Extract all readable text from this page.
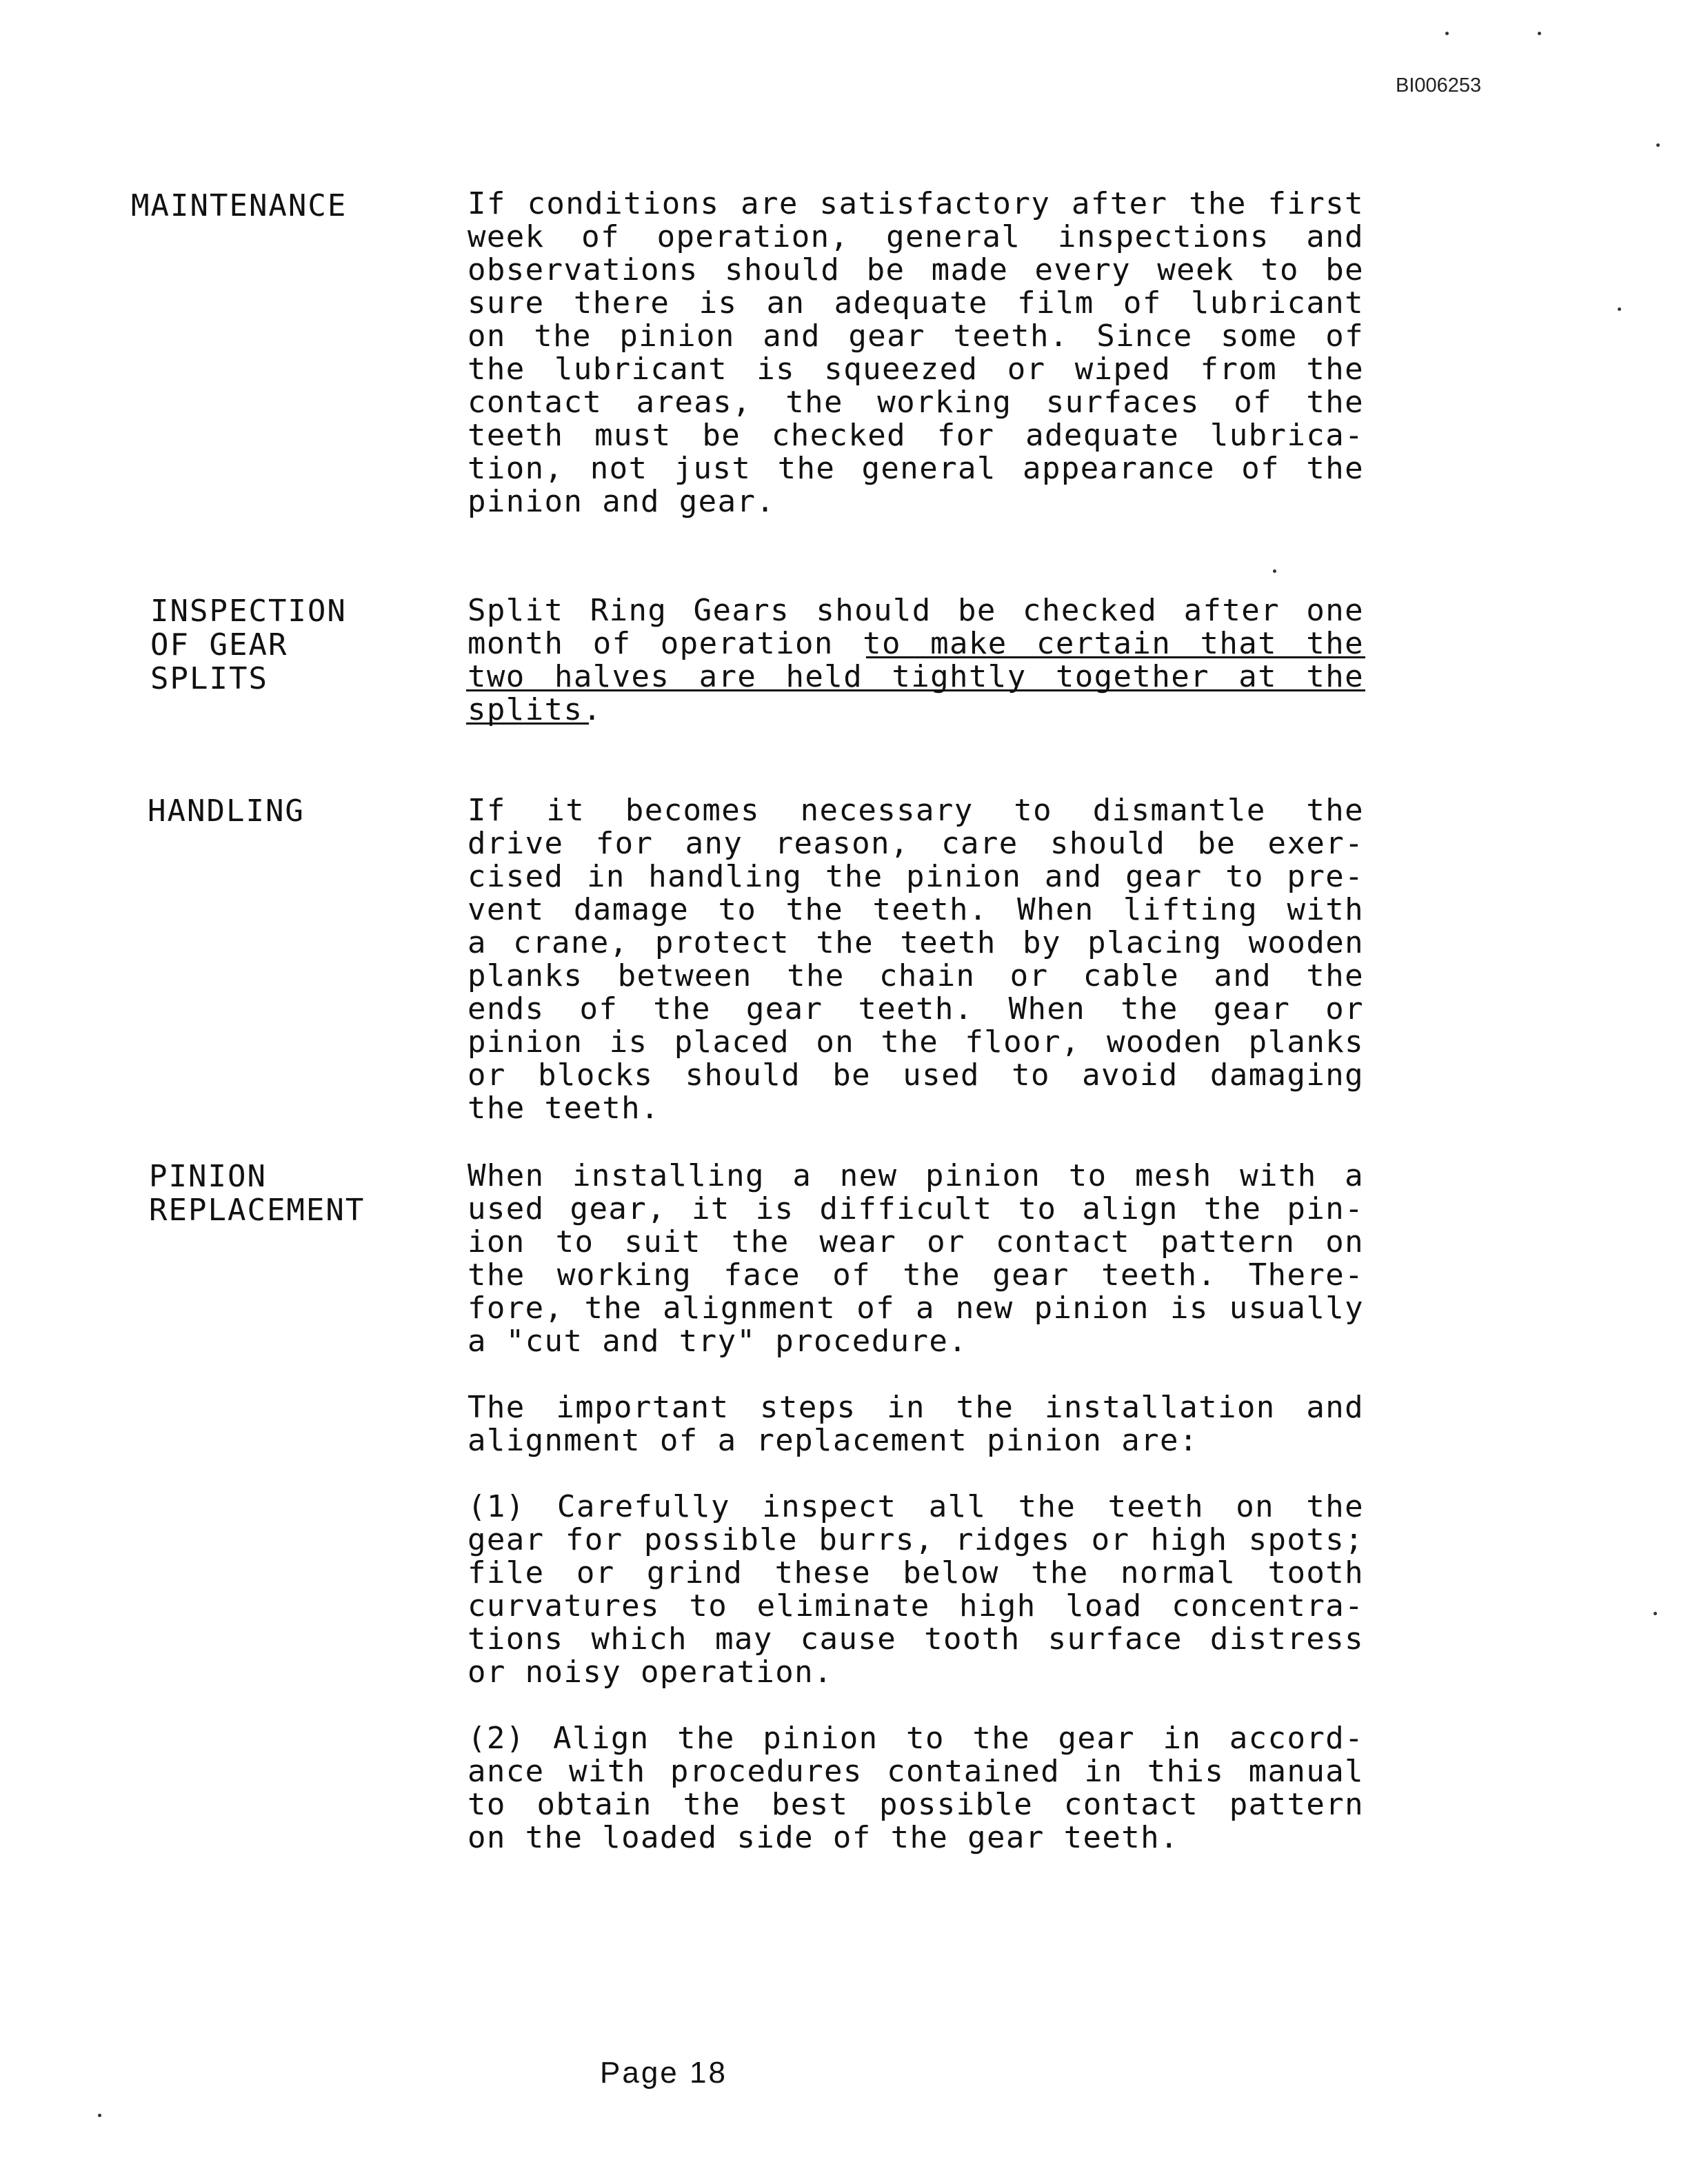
BI006253
MAINTENANCE	If conditions are satisfactory after the first
week of operation, general inspections and
observations should be made every week to be
sure there is an adequate film of lubricant
on the pinion and gear teeth. Since some of
the lubricant is squeezed or wiped from the
contact areas, the working surfaces of the
teeth must be checked for adequate lubrica-
tion, not just the general appearance of the
pinion and gear.
INSPECTION
OF GEAR
SPLITS
Split Ring Gears should be checked after one
month of operation to make certain that the
two halves are held tightly together at the
splits.
HANDLING	If it becomes necessary to dismantle the
drive for any reason, care should be exer-
cised in handling the pinion and gear to pre-
vent damage to the teeth. When lifting with
a crane, protect the teeth by placing wooden
planks between the chain or cable and the
ends of the gear teeth. When the gear or
pinion is placed on the floor, wooden planks
or blocks should be used to avoid damaging
the teeth.
PINION
REPLACEMENT
When installing a new pinion to mesh with a
used gear, it is difficult to align the pin-
ion to suit the wear or contact pattern on
the working face of the gear teeth. There-
fore, the alignment of a new pinion is usually
a "cut and try" procedure.
The important steps in the installation and
alignment of a replacement pinion are:
(1) Carefully inspect all the teeth on the
gear for possible burrs, ridges or high spots;
file or grind these below the normal tooth
curvatures to eliminate high load concentra-
tions which may cause tooth surface distress
or noisy operation.
(2) Align the pinion to the gear in accord-
ance with procedures contained in this manual
to obtain the best possible contact pattern
on the loaded side of the gear teeth.
Page 18
